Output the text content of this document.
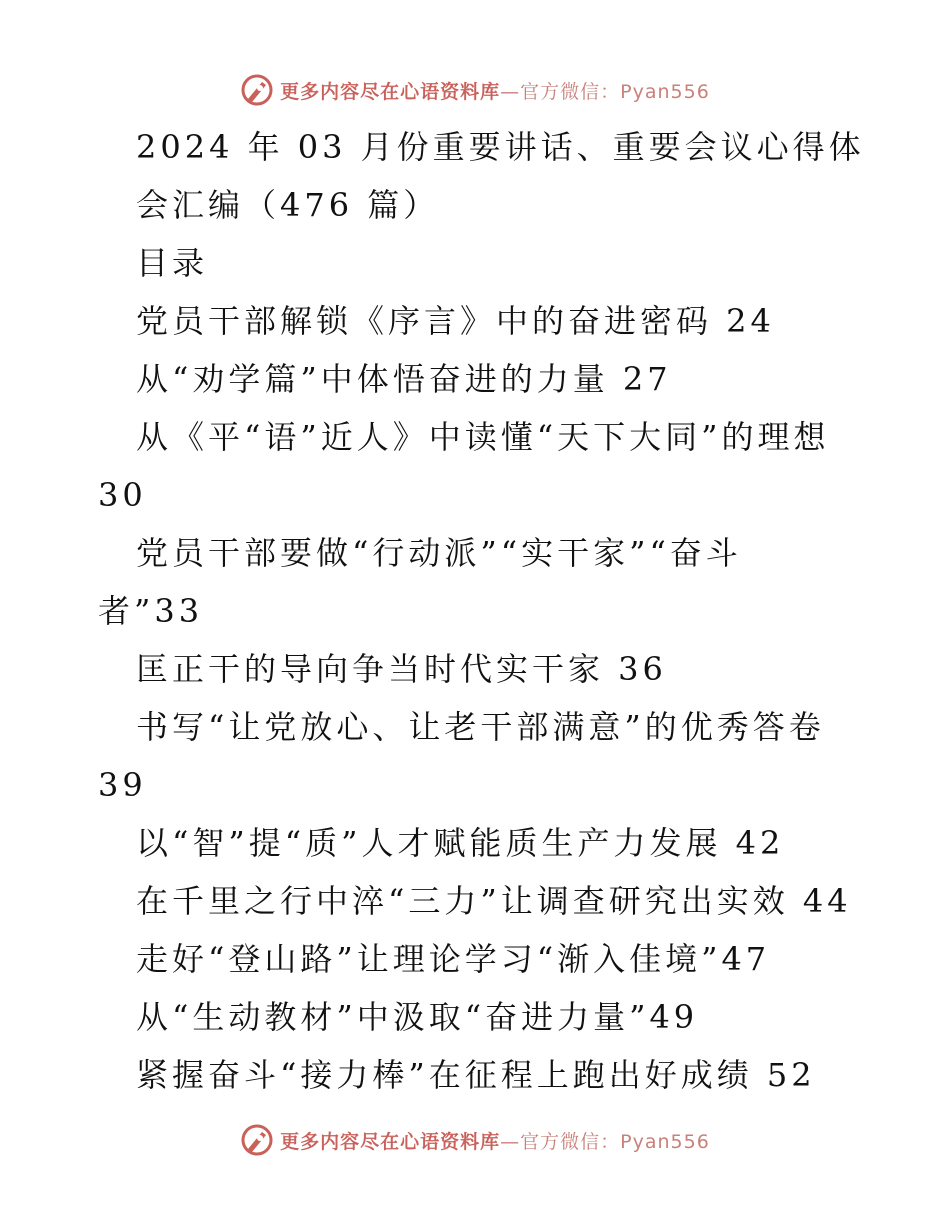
更多内容尽在心语资料库—官方微信：Pyan556
2024 年 03 月份重要讲话、重要会议心得体
会汇编（476 篇）
目录
党员干部解锁《序言》中的奋进密码 24
从“劝学篇”中体悟奋进的力量 27
从《平“语”近人》中读懂“天下大同”的理想
30
党员干部要做“行动派”“实干家”“奋斗
者”33
匡正干的导向争当时代实干家 36
书写“让党放心、让老干部满意”的优秀答卷
39
以“智”提“质”人才赋能质生产力发展 42
在千里之行中淬“三力”让调查研究出实效 44
走好“登山路”让理论学习“渐入佳境”47
从“生动教材”中汲取“奋进力量”49
紧握奋斗“接力棒”在征程上跑出好成绩 52
更多内容尽在心语资料库—官方微信：Pyan556
